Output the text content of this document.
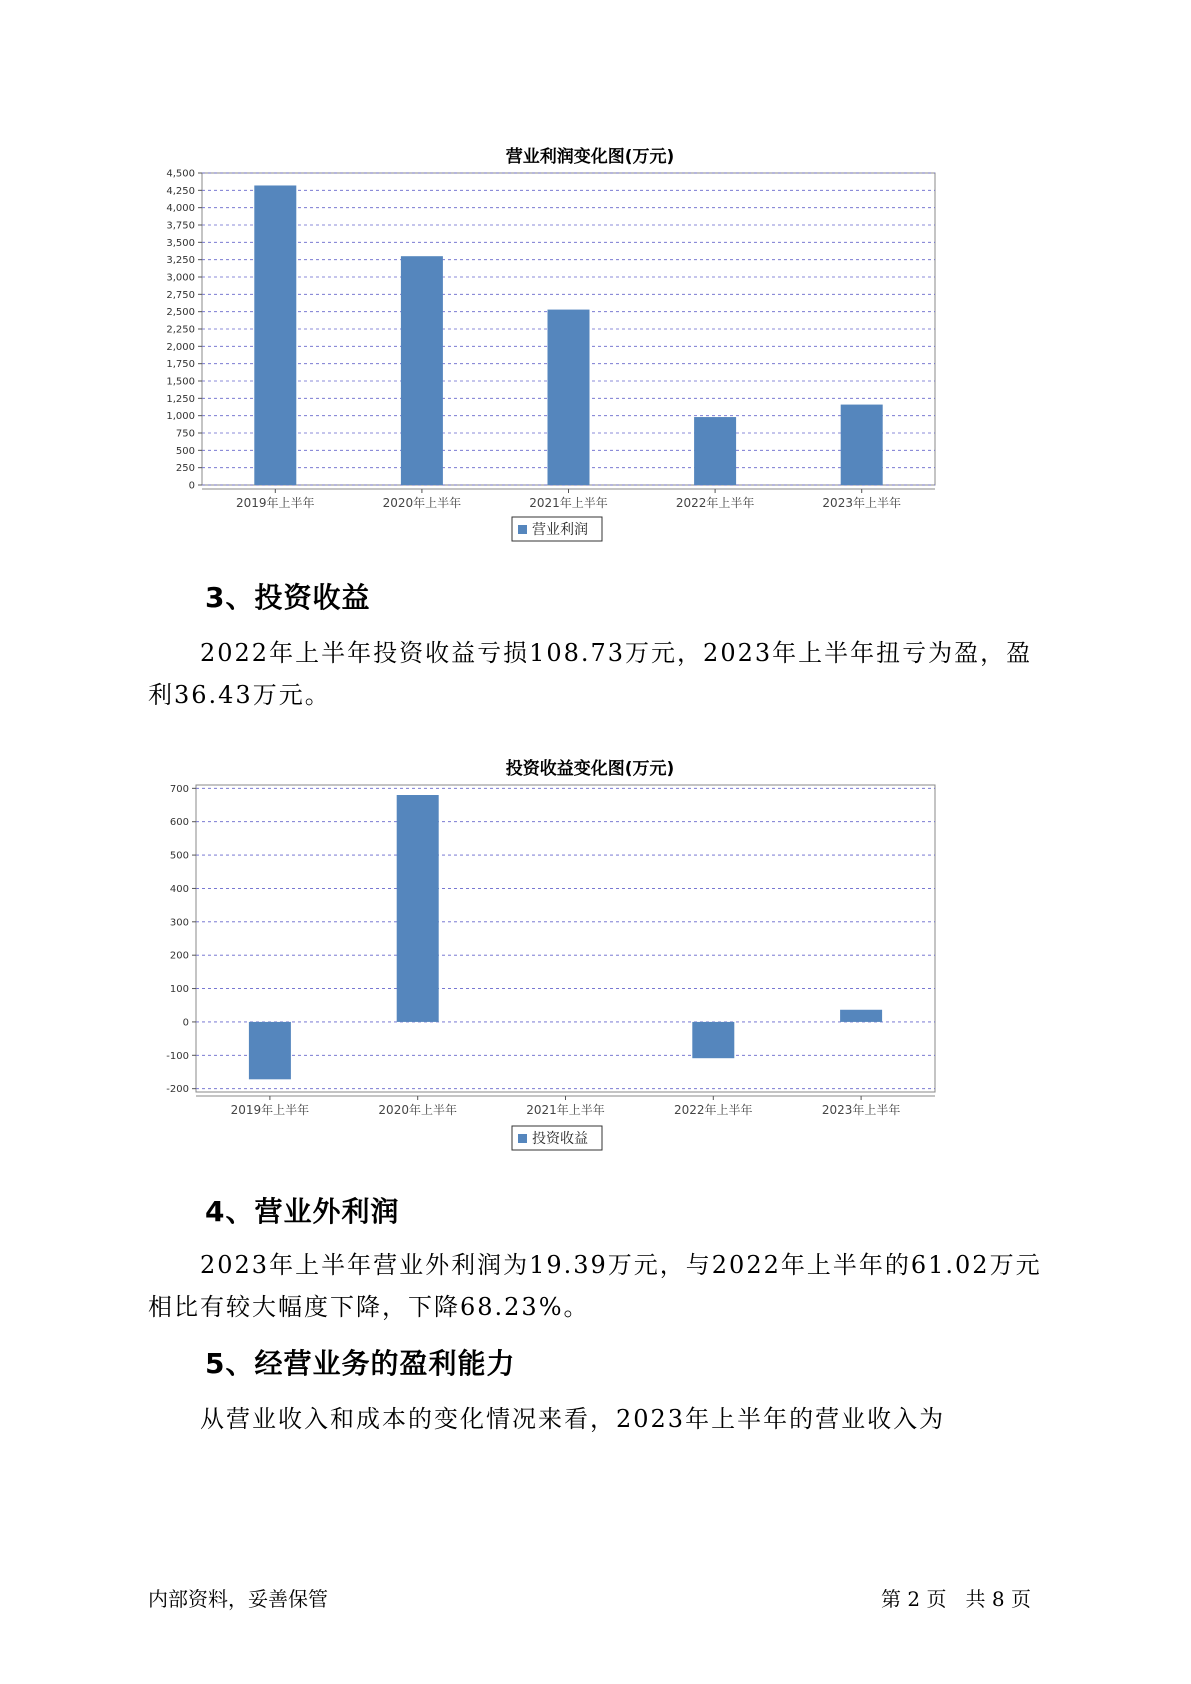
营业利润变化图(万元)
0
250
500
750
1,000
1,250
1,500
1,750
2,000
2,250
2,500
2,750
3,000
3,250
3,500
3,750
4,000
4,250
4,500
2019年上半年	2020年上半年	2021年上半年	2022年上半年	2023年上半年
营业利润
3、投资收益
2022年上半年投资收益亏损108.73万元，2023年上半年扭亏为盈，盈
利36.43万元。
投资收益变化图(万元)
-200
-100
0
100
200
300
400
500
600
700
2019年上半年	2020年上半年	2021年上半年	2022年上半年	2023年上半年
投资收益
4、营业外利润
2023年上半年营业外利润为19.39万元，与2022年上半年的61.02万元
相比有较大幅度下降，下降68.23%。
5、经营业务的盈利能力
从营业收入和成本的变化情况来看，2023年上半年的营业收入为
内部资料，妥善保管	第 2 页   共 8 页
